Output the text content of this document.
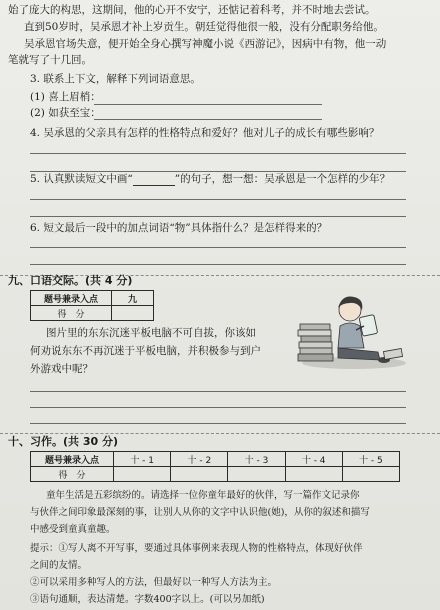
始了庞大的构思，这期间，他的心开不安宁，还惦记着科考，并不时地去尝试。
直到50岁时，吴承恩才补上岁贡生。朝廷觉得他很一般，没有分配职务给他。
吴承恩官场失意，便开始全身心撰写神魔小说《西游记》，因病中有物，他一动
笔就写了十几回。
3. 联系上下文，解释下列词语意思。
(1) 喜上眉梢：
(2) 如获至宝：
4. 吴承恩的父亲具有怎样的性格特点和爱好？他对儿子的成长有哪些影响？
5. 认真默读短文中画“	”的句子，想一想：吴承恩是一个怎样的少年？
6. 短文最后一段中的加点词语“物”具体指什么？是怎样得来的？
九、口语交际。(共 4 分)
题号兼录入点	九
得　分	
图片里的东东沉迷平板电脑不可自拔，你该如
何劝说东东不再沉迷于平板电脑，并积极参与到户
外游戏中呢？
十、习作。(共 30 分)
题号兼录入点	十 - 1	十 - 2	十 - 3	十 - 4	十 - 5
得　分					
童年生活是五彩缤纷的。请选择一位你童年最好的伙伴，写一篇作文记录你
与伙伴之间印象最深刻的事，让别人从你的文字中认识他(她)，从你的叙述和描写
中感受到童真童趣。
提示：①写人离不开写事，要通过具体事例来表现人物的性格特点，体现好伙伴
之间的友情。
②可以采用多种写人的方法，但最好以一种写人方法为主。
③语句通顺，表达清楚。字数400字以上。(可以另加纸)
